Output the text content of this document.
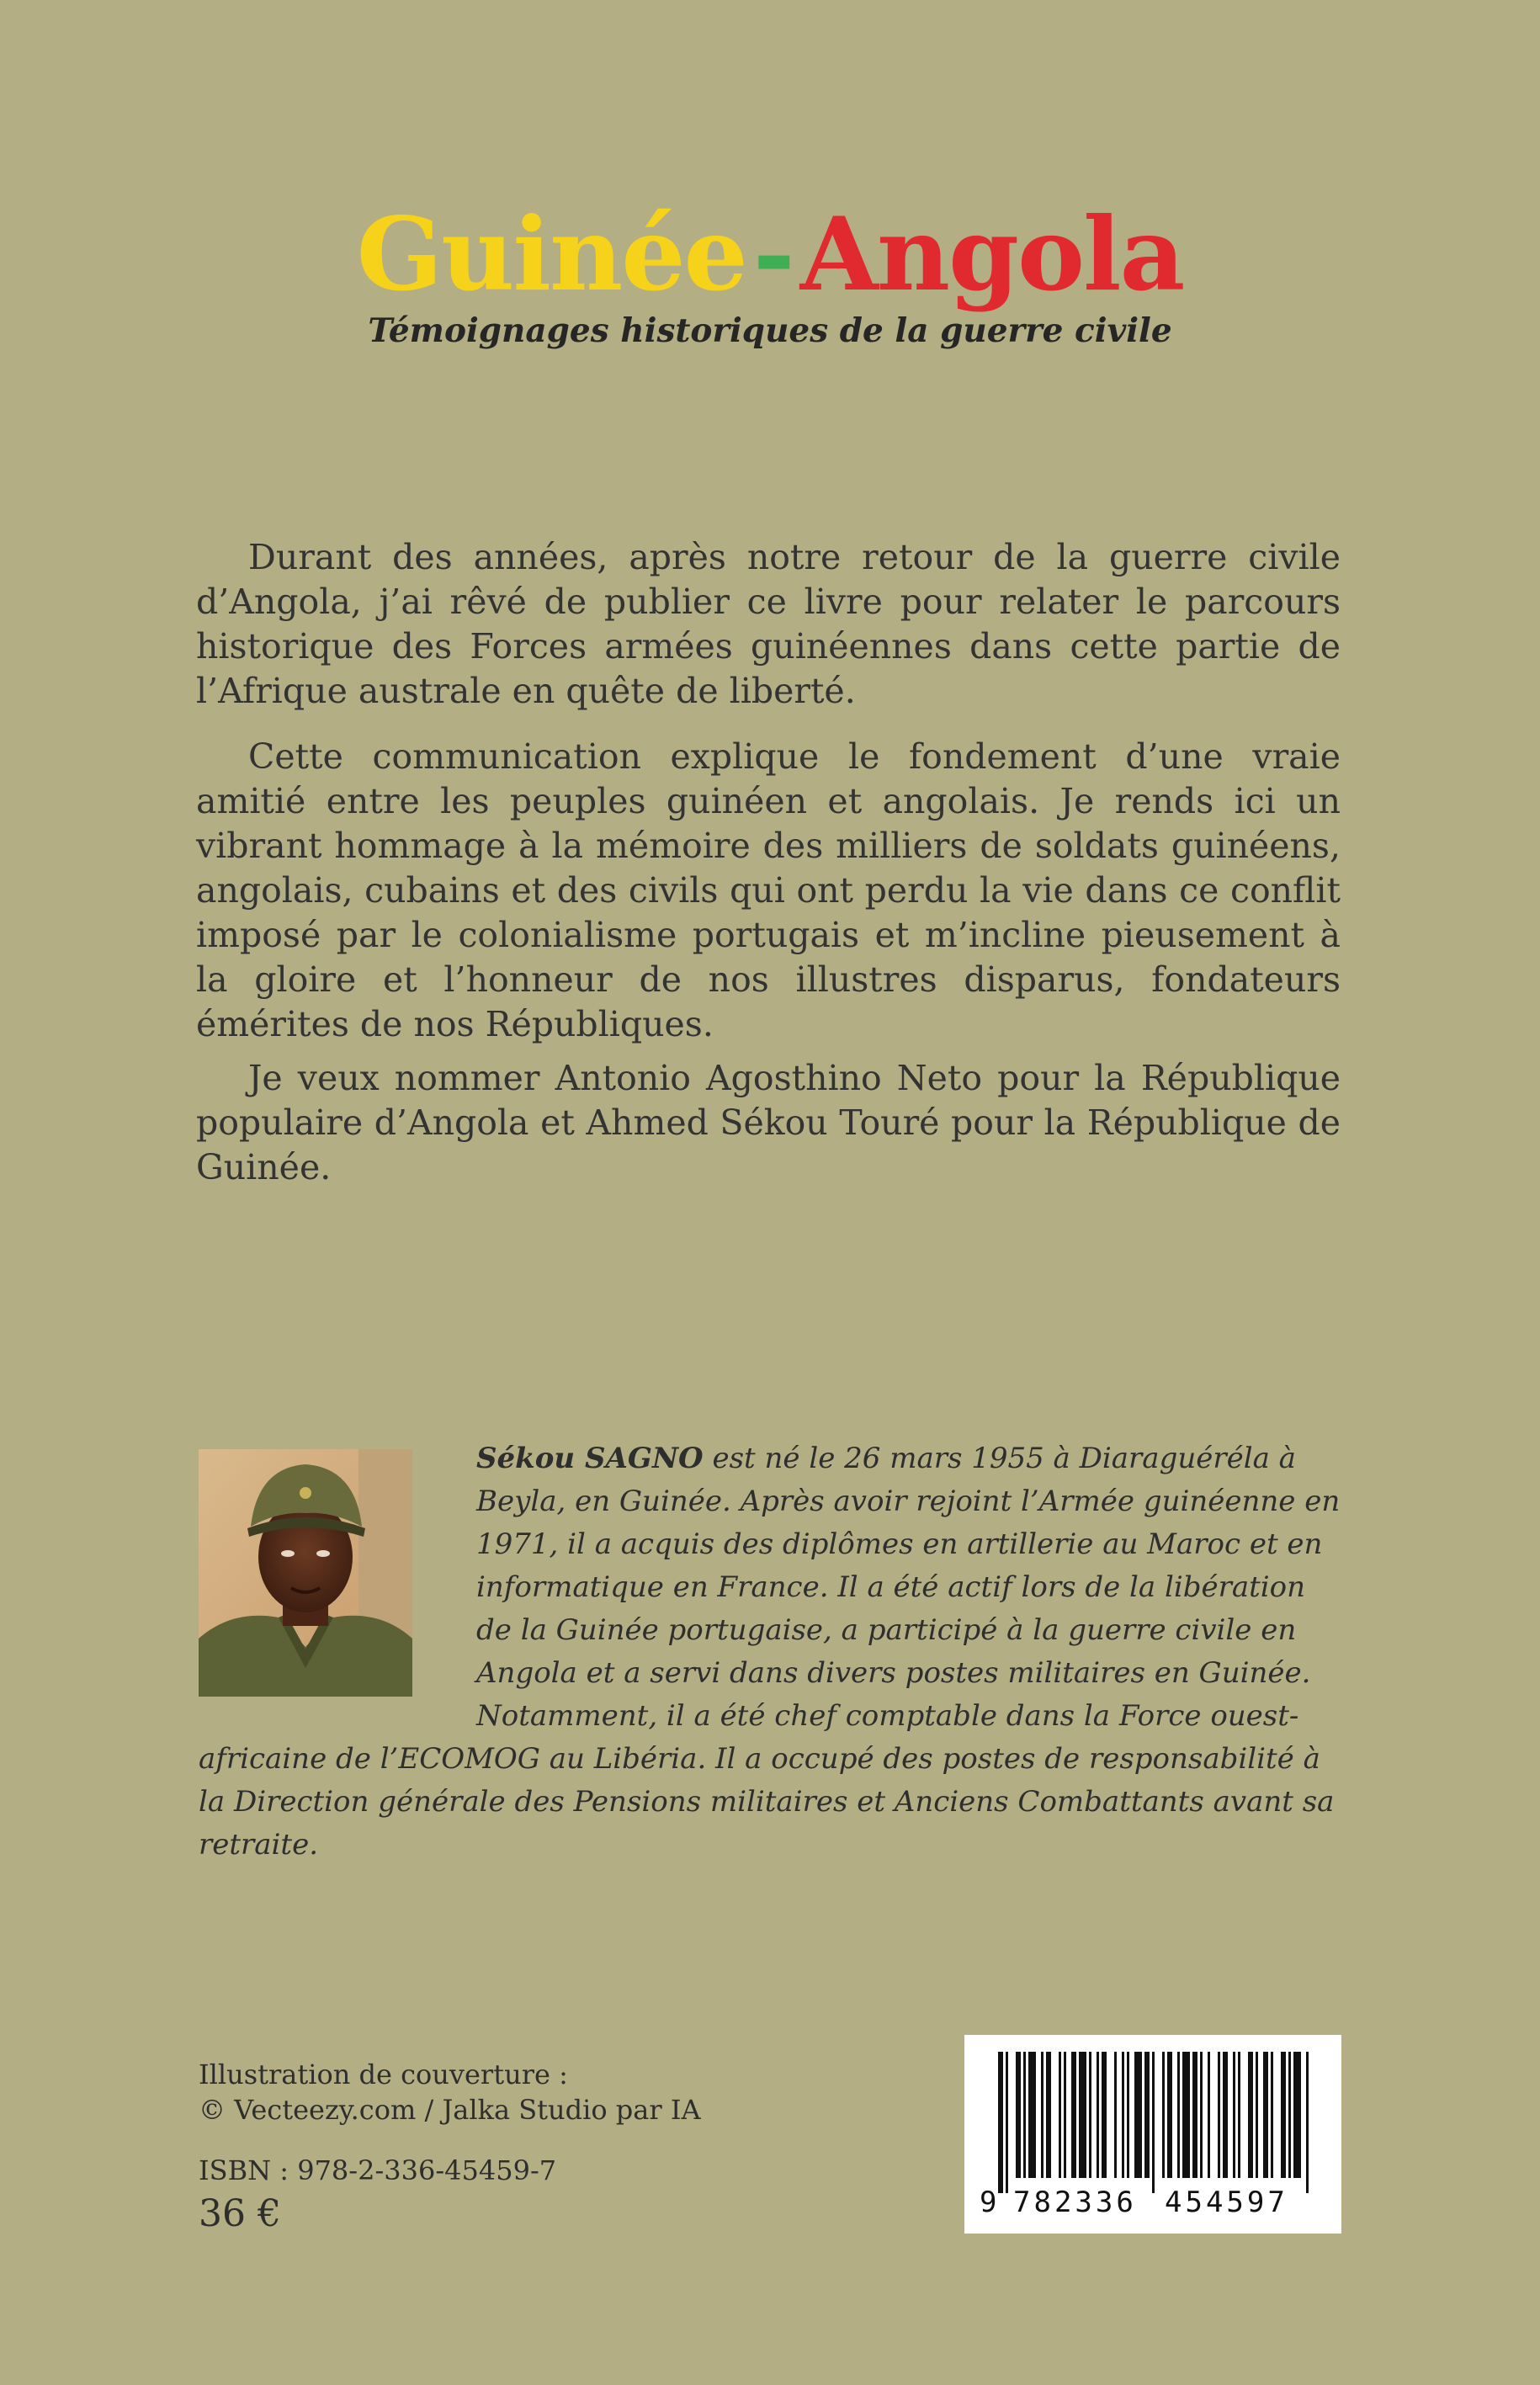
Guinée-Angola
Témoignages historiques de la guerre civile

Durant des années, après notre retour de la guerre civile d’Angola, j’ai rêvé de publier ce livre pour relater le parcours historique des Forces armées guinéennes dans cette partie de l’Afrique australe en quête de liberté.

Cette communication explique le fondement d’une vraie amitié entre les peuples guinéen et angolais. Je rends ici un vibrant hommage à la mémoire des milliers de soldats guinéens, angolais, cubains et des civils qui ont perdu la vie dans ce conflit imposé par le colonialisme portugais et m’incline pieusement à la gloire et l’honneur de nos illustres disparus, fondateurs émérites de nos Républiques.

Je veux nommer Antonio Agosthino Neto pour la République populaire d’Angola et Ahmed Sékou Touré pour la République de Guinée.

Sékou SAGNO est né le 26 mars 1955 à Diaraguéréla à Beyla, en Guinée. Après avoir rejoint l’Armée guinéenne en 1971, il a acquis des diplômes en artillerie au Maroc et en informatique en France. Il a été actif lors de la libération de la Guinée portugaise, a participé à la guerre civile en Angola et a servi dans divers postes militaires en Guinée. Notamment, il a été chef comptable dans la Force ouest-africaine de l’ECOMOG au Libéria. Il a occupé des postes de responsabilité à la Direction générale des Pensions militaires et Anciens Combattants avant sa retraite.

Illustration de couverture :
© Vecteezy.com / Jalka Studio par IA
ISBN : 978-2-336-45459-7
36 €	9 782336 454597
